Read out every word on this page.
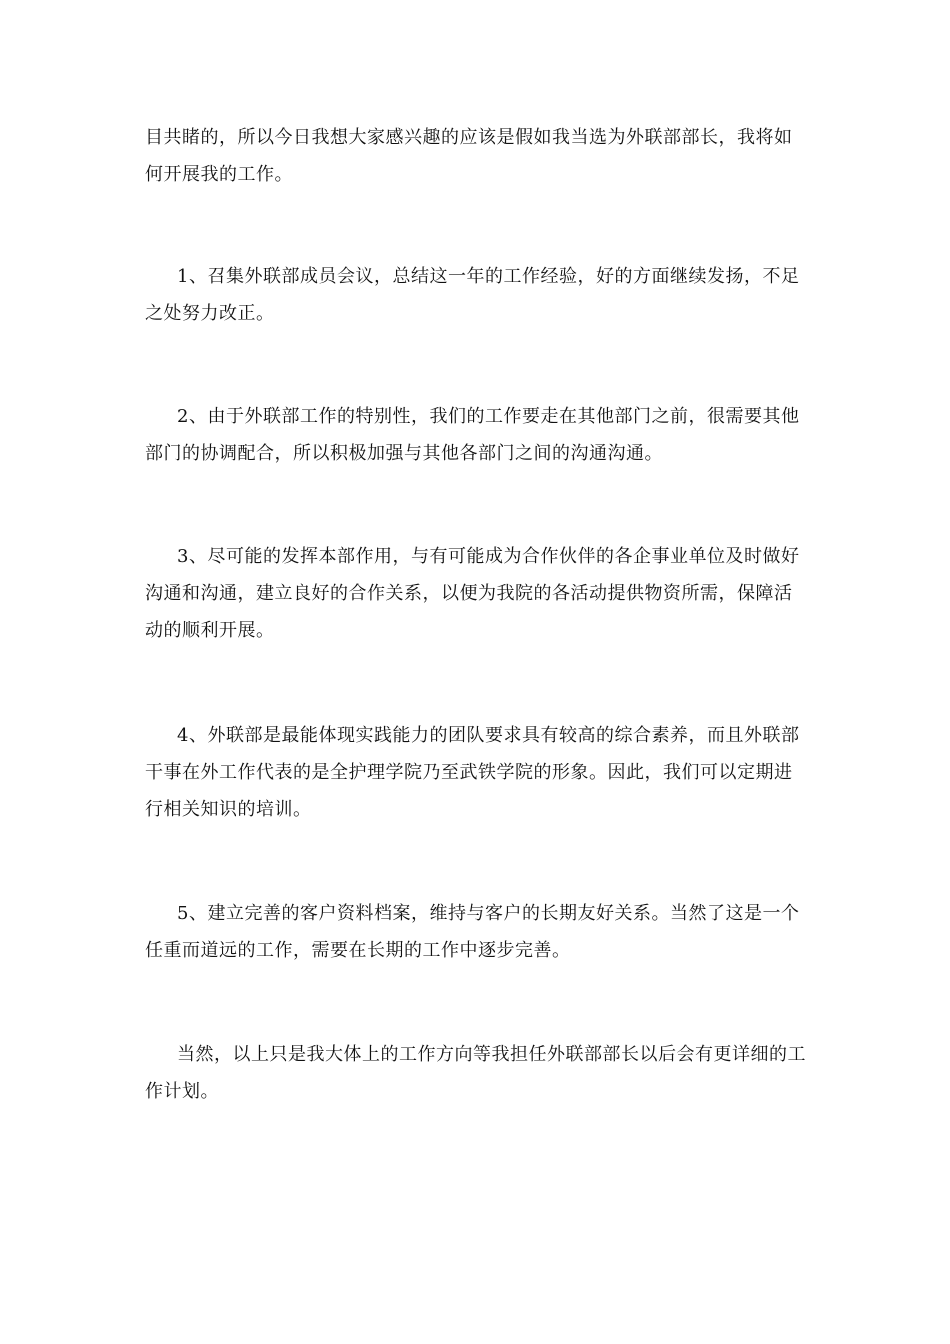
目共睹的，所以今日我想大家感兴趣的应该是假如我当选为外联部部长，我将如何开展我的工作。

1、召集外联部成员会议，总结这一年的工作经验，好的方面继续发扬，不足之处努力改正。

2、由于外联部工作的特别性，我们的工作要走在其他部门之前，很需要其他部门的协调配合，所以积极加强与其他各部门之间的沟通沟通。

3、尽可能的发挥本部作用，与有可能成为合作伙伴的各企事业单位及时做好沟通和沟通，建立良好的合作关系，以便为我院的各活动提供物资所需，保障活动的顺利开展。

4、外联部是最能体现实践能力的团队要求具有较高的综合素养，而且外联部干事在外工作代表的是全护理学院乃至武铁学院的形象。因此，我们可以定期进行相关知识的培训。

5、建立完善的客户资料档案，维持与客户的长期友好关系。当然了这是一个任重而道远的工作，需要在长期的工作中逐步完善。

当然，以上只是我大体上的工作方向等我担任外联部部长以后会有更详细的工作计划。
